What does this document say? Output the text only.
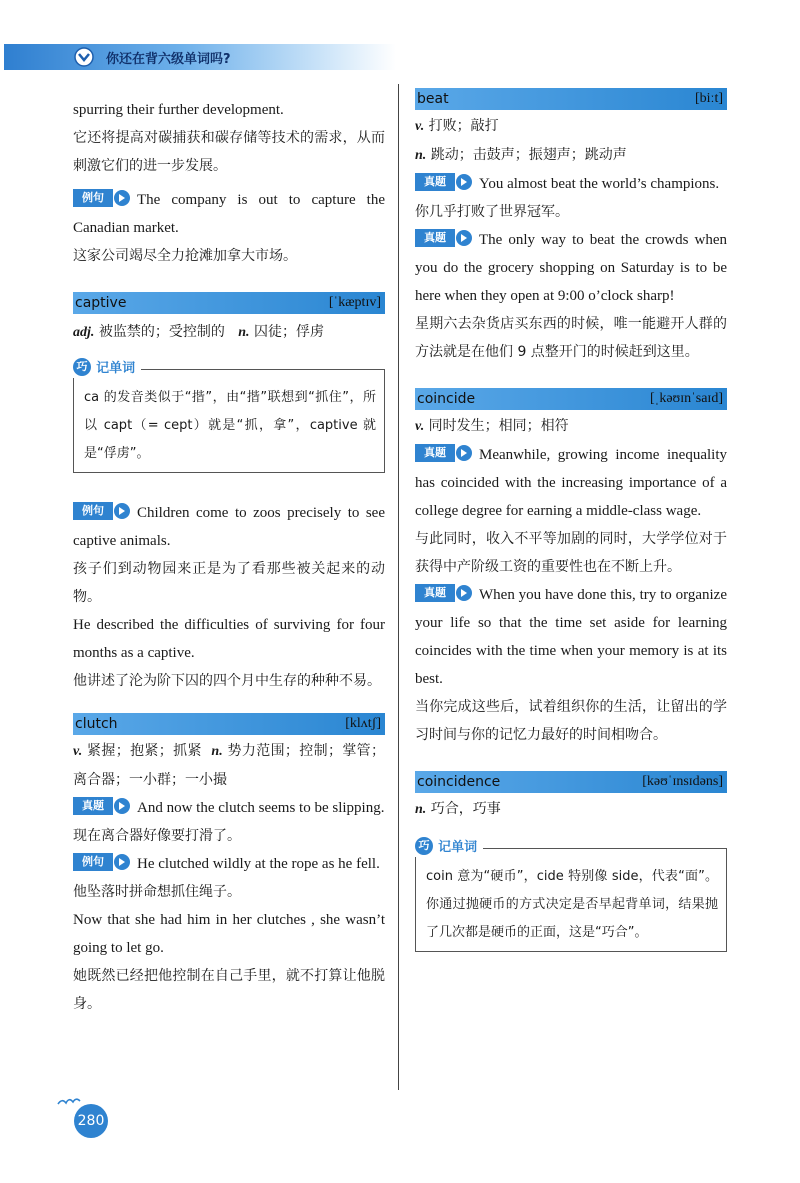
你还在背六级单词吗?

spurring their further development.

它还将提高对碳捕获和碳存储等技术的需求，从而刺激它们的进一步发展。

例句	The company is out to capture the Canadian market.

这家公司竭尽全力抢滩加拿大市场。

captive	[ˈkæptɪv]

adj. 被监禁的；受控制的 n. 囚徒；俘虏

巧 记单词

ca 的发音类似于“揩”，由“揩”联想到“抓住”，所以 capt（= cept）就是“抓，拿”，captive 就是“俘虏”。

例句	Children come to zoos precisely to see captive animals.

孩子们到动物园来正是为了看那些被关起来的动物。

He described the difficulties of surviving for four months as a captive.

他讲述了沦为阶下囚的四个月中生存的种种不易。

clutch	[klʌtʃ]

v. 紧握；抱紧；抓紧 n. 势力范围；控制；掌管；离合器；一小群；一小撮

真题	And now the clutch seems to be slipping.

现在离合器好像要打滑了。

例句	He clutched wildly at the rope as he fell.

他坠落时拼命想抓住绳子。

Now that she had him in her clutches , she wasn’t going to let go.

她既然已经把他控制在自己手里，就不打算让他脱身。

beat	[biːt]

v. 打败；敲打

n. 跳动；击鼓声；振翅声；跳动声

真题	You almost beat the world’s champions.

你几乎打败了世界冠军。

真题	The only way to beat the crowds when you do the grocery shopping on Saturday is to be here when they open at 9:00 o’clock sharp!

星期六去杂货店买东西的时候，唯一能避开人群的方法就是在他们 9 点整开门的时候赶到这里。

coincide	[ˌkəʊɪnˈsaɪd]

v. 同时发生；相同；相符

真题	Meanwhile, growing income inequality has coincided with the increasing importance of a college degree for earning a middle-class wage.

与此同时，收入不平等加剧的同时，大学学位对于获得中产阶级工资的重要性也在不断上升。

真题	When you have done this, try to organize your life so that the time set aside for learning coincides with the time when your memory is at its best.

当你完成这些后，试着组织你的生活，让留出的学习时间与你的记忆力最好的时间相吻合。

coincidence	[kəʊˈɪnsɪdəns]

n. 巧合，巧事

巧 记单词

coin 意为“硬币”，cide 特别像 side，代表“面”。你通过抛硬币的方式决定是否早起背单词，结果抛了几次都是硬币的正面，这是“巧合”。

280
